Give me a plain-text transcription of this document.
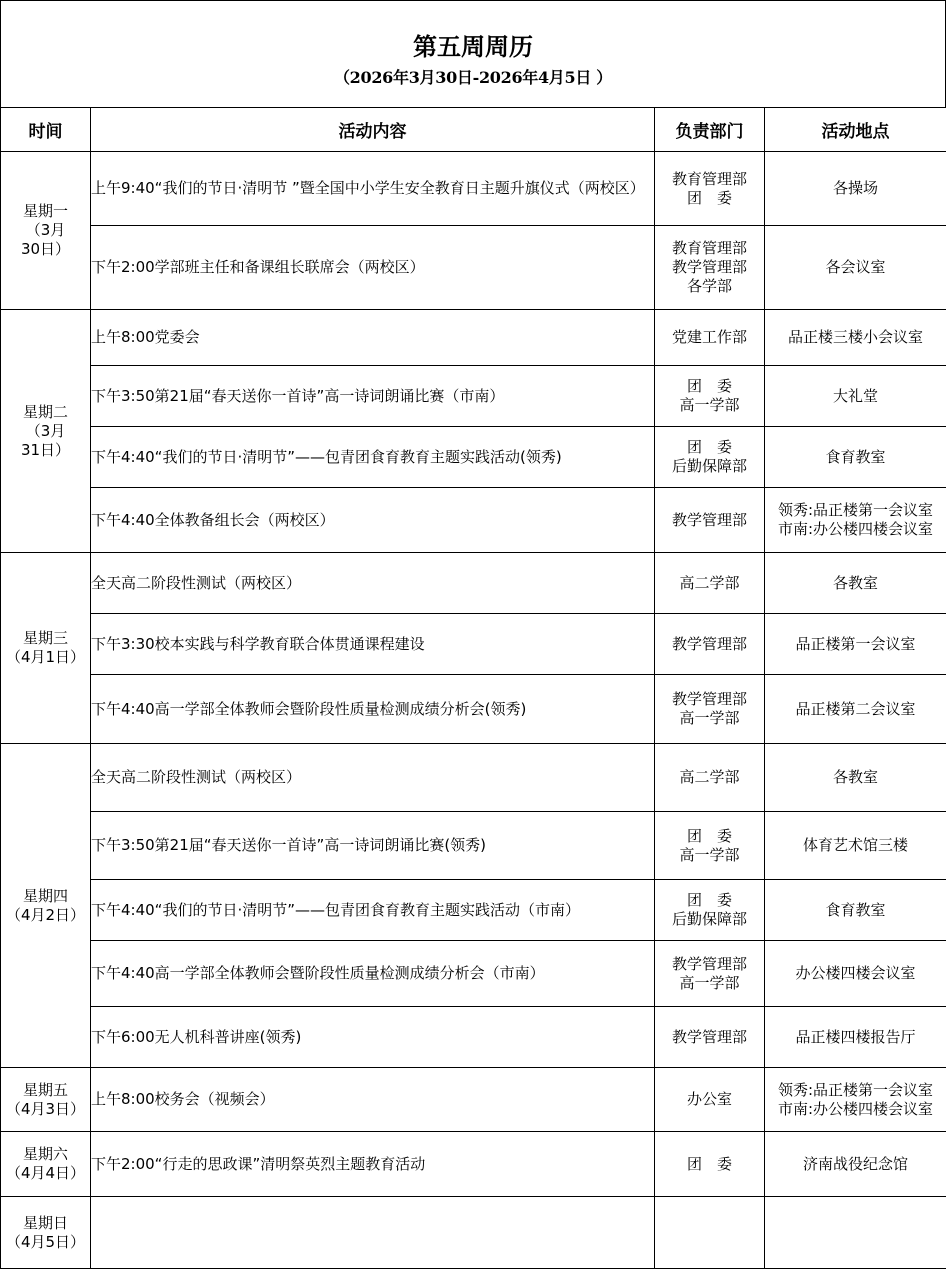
第五周周历
（2026年3月30日-2026年4月5日 ）
时间	活动内容	负责部门	活动地点

星期一
（3月
30日）	上午9:40“我们的节日·清明节 ”暨全国中小学生安全教育日主题升旗仪式（两校区）	教育管理部
团　委	各操场

	下午2:00学部班主任和备课组长联席会（两校区）	教育管理部
教学管理部
各学部	各会议室

星期二
（3月
31日）	上午8:00党委会	党建工作部	品正楼三楼小会议室

	下午3:50第21届“春天送你一首诗”高一诗词朗诵比赛（市南）	团　委
高一学部	大礼堂

	下午4:40“我们的节日·清明节”——包青团食育教育主题实践活动(领秀)	团　委
后勤保障部	食育教室

	下午4:40全体教备组长会（两校区）	教学管理部	领秀:品正楼第一会议室
市南:办公楼四楼会议室

星期三
（4月1日）	全天高二阶段性测试（两校区）	高二学部	各教室

	下午3:30校本实践与科学教育联合体贯通课程建设	教学管理部	品正楼第一会议室

	下午4:40高一学部全体教师会暨阶段性质量检测成绩分析会(领秀)	教学管理部
高一学部	品正楼第二会议室

星期四
（4月2日）	全天高二阶段性测试（两校区）	高二学部	各教室

	下午3:50第21届“春天送你一首诗”高一诗词朗诵比赛(领秀)	团　委
高一学部	体育艺术馆三楼

	下午4:40“我们的节日·清明节”——包青团食育教育主题实践活动（市南）	团　委
后勤保障部	食育教室

	下午4:40高一学部全体教师会暨阶段性质量检测成绩分析会（市南）	教学管理部
高一学部	办公楼四楼会议室

	下午6:00无人机科普讲座(领秀)	教学管理部	品正楼四楼报告厅

星期五
（4月3日）	上午8:00校务会（视频会）	办公室	领秀:品正楼第一会议室
市南:办公楼四楼会议室

星期六
（4月4日）	下午2:00“行走的思政课”清明祭英烈主题教育活动	团　委	济南战役纪念馆

星期日
（4月5日）			
